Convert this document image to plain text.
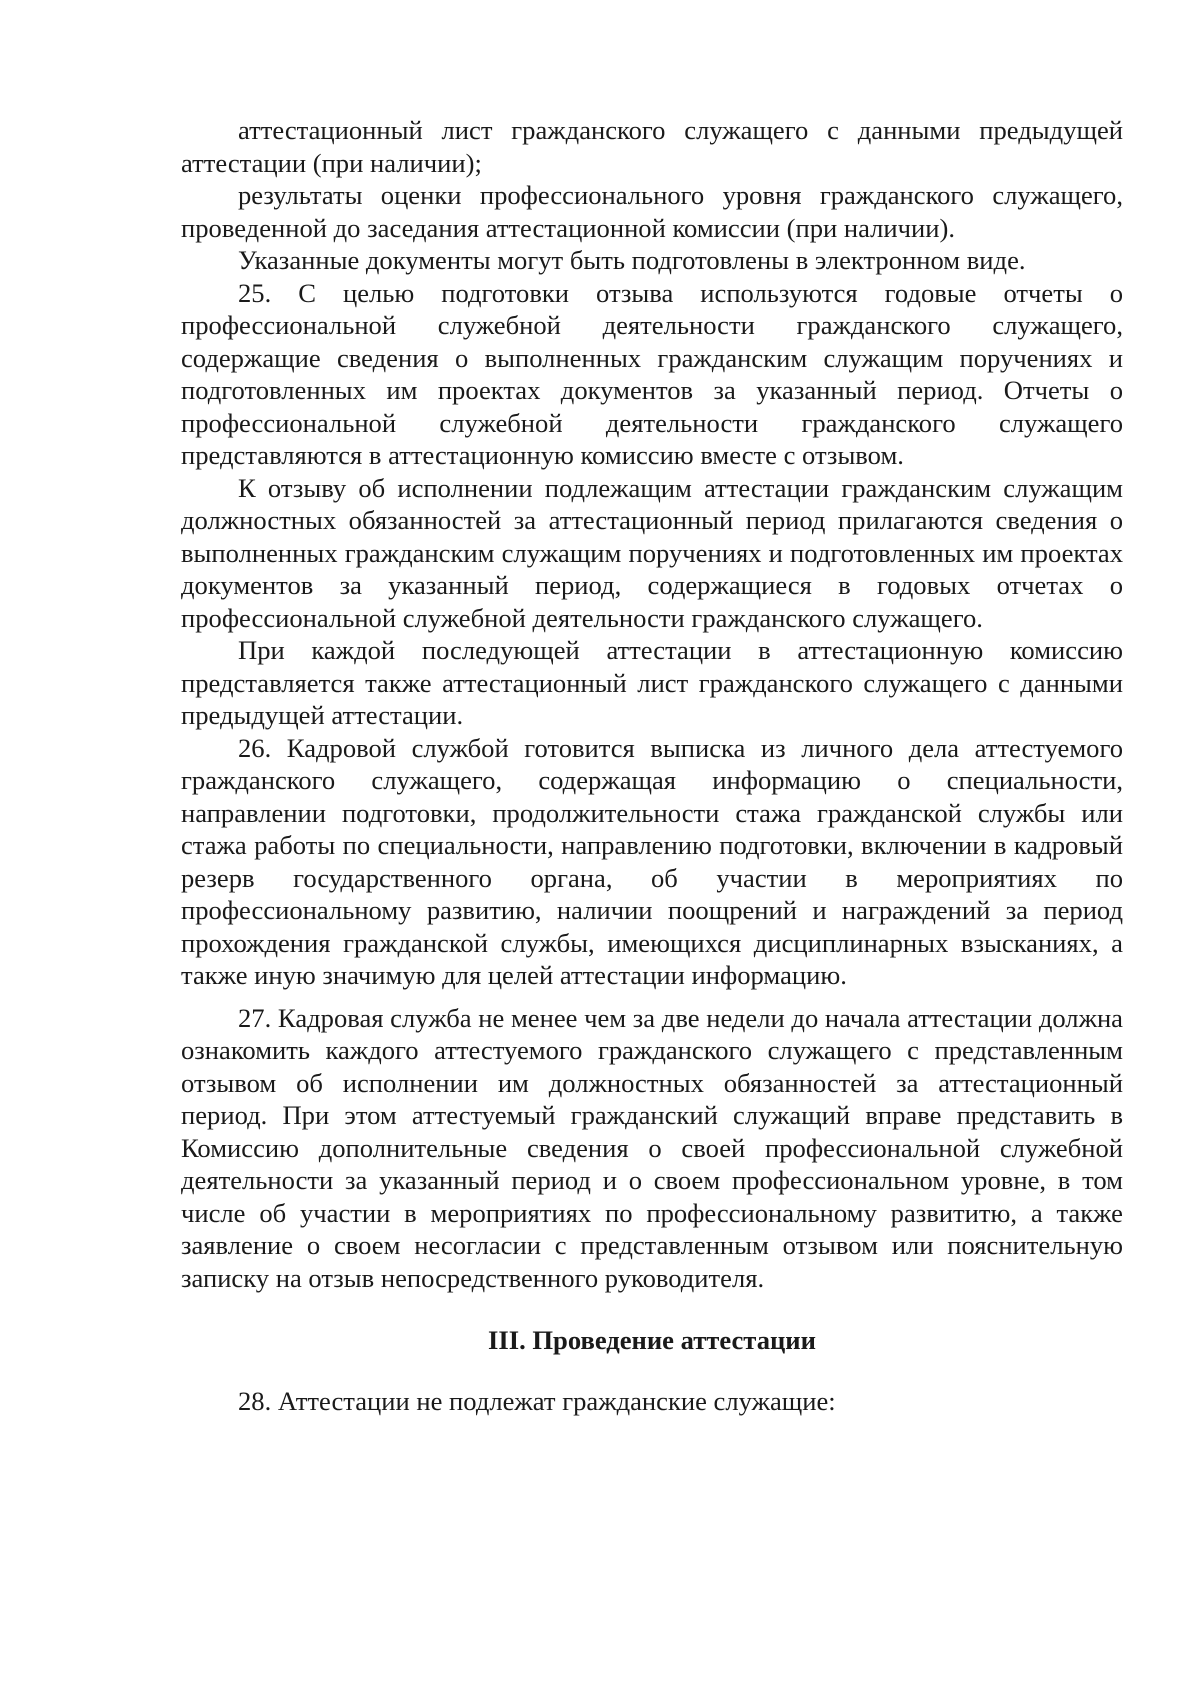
аттестационный лист гражданского служащего с данными предыдущей аттестации (при наличии);

результаты оценки профессионального уровня гражданского служащего, проведенной до заседания аттестационной комиссии (при наличии).

Указанные документы могут быть подготовлены в электронном виде.

25. С целью подготовки отзыва используются годовые отчеты о профессиональной служебной деятельности гражданского служащего, содержащие сведения о выполненных гражданским служащим поручениях и подготовленных им проектах документов за указанный период. Отчеты о профессиональной служебной деятельности гражданского служащего представляются в аттестационную комиссию вместе с отзывом.

К отзыву об исполнении подлежащим аттестации гражданским служащим должностных обязанностей за аттестационный период прилагаются сведения о выполненных гражданским служащим поручениях и подготовленных им проектах документов за указанный период, содержащиеся в годовых отчетах о профессиональной служебной деятельности гражданского служащего.

При каждой последующей аттестации в аттестационную комиссию представляется также аттестационный лист гражданского служащего с данными предыдущей аттестации.

26. Кадровой службой готовится выписка из личного дела аттестуемого гражданского служащего, содержащая информацию о специальности, направлении подготовки, продолжительности стажа гражданской службы или стажа работы по специальности, направлению подготовки, включении в кадровый резерв государственного органа, об участии в мероприятиях по профессиональному развитию, наличии поощрений и награждений за период прохождения гражданской службы, имеющихся дисциплинарных взысканиях, а также иную значимую для целей аттестации информацию.

27. Кадровая служба не менее чем за две недели до начала аттестации должна ознакомить каждого аттестуемого гражданского служащего с представленным отзывом об исполнении им должностных обязанностей за аттестационный период. При этом аттестуемый гражданский служащий вправе представить в Комиссию дополнительные сведения о своей профессиональной служебной деятельности за указанный период и о своем профессиональном уровне, в том числе об участии в мероприятиях по профессиональному развититю, а также заявление о своем несогласии с представленным отзывом или пояснительную записку на отзыв непосредственного руководителя.

III. Проведение аттестации

28. Аттестации не подлежат гражданские служащие:
